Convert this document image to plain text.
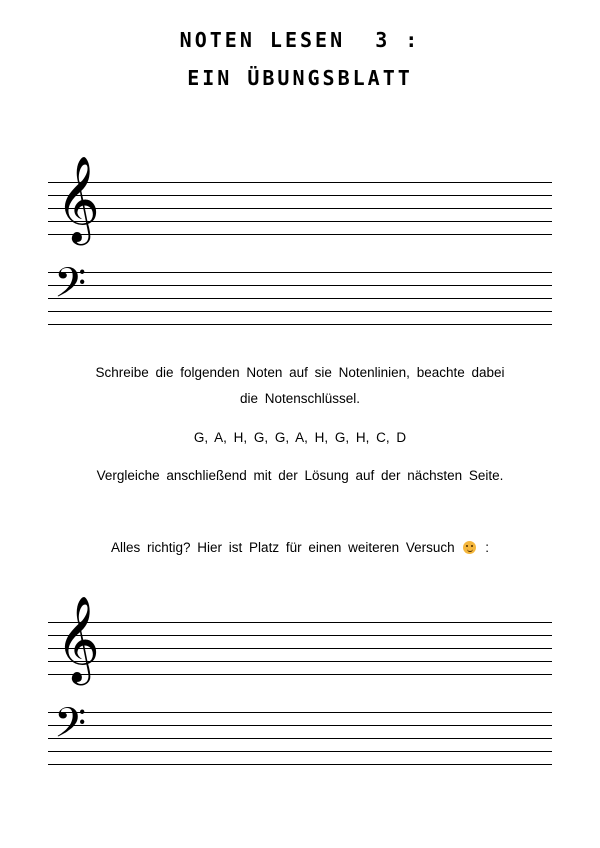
NOTEN LESEN  3 :
EIN ÜBUNGSBLATT
𝄞
𝄢
Schreibe die folgenden Noten auf sie Notenlinien, beachte dabei
die Notenschlüssel.
G, A, H, G, G, A, H, G, H, C, D
Vergleiche anschließend mit der Lösung auf der nächsten Seite.
Alles richtig? Hier ist Platz für einen weiteren Versuch :
𝄞
𝄢
